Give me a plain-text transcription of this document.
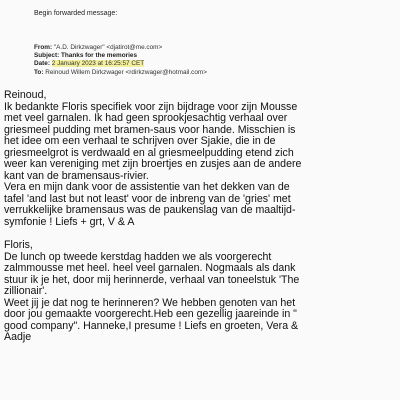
Begin forwarded message:
From: "A.D. Dirkzwager" <djatirot@me.com>
Subject: Thanks for the memories
Date: 2 January 2023 at 16:25:57 CET
To: Reinoud Willem Dirkzwager <rdirkzwager@hotmail.com>
Reinoud,
Ik bedankte Floris specifiek voor zijn bijdrage voor zijn Mousse
met veel garnalen. Ik had geen sprookjesachtig verhaal over
griesmeel pudding met bramen-saus voor hande. Misschien is
het idee om een verhaal te schrijven over Sjakie, die in de
griesmeelgrot is verdwaald en al griesmeelpudding etend zich
weer kan vereniging met zijn broertjes en zusjes aan de andere
kant van de bramensaus-rivier.
Vera en mijn dank voor de assistentie van het dekken van de
tafel 'and last but not least' voor de inbreng van de 'gries' met
verrukkelijke bramensaus was de paukenslag van de maaltijd-
symfonie ! Liefs + grt, V & A
Floris,
De lunch op tweede kerstdag hadden we als voorgerecht
zalmmousse met heel. heel veel garnalen. Nogmaals als dank
stuur ik je het, door mij herinnerde, verhaal van toneelstuk 'The
zillionair'.
Weet jij je dat nog te herinneren? We hebben genoten van het
door jou gemaakte voorgerecht.Heb een gezellig jaareinde in "
good company". Hanneke,I presume ! Liefs en groeten, Vera &
Aadje
